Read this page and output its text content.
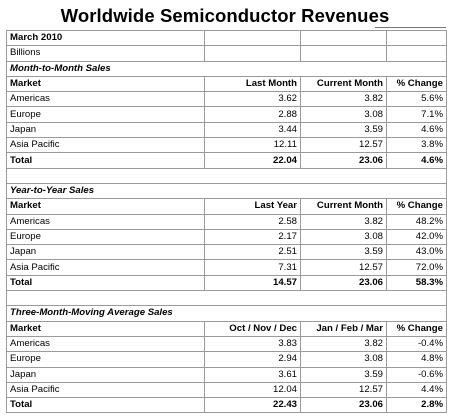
Worldwide Semiconductor Revenues
March 2010			
Billions			
Month-to-Month Sales			
Market	Last Month	Current Month	% Change
Americas	3.62	3.82	5.6%
Europe	2.88	3.08	7.1%
Japan	3.44	3.59	4.6%
Asia Pacific	12.11	12.57	3.8%
Total	22.04	23.06	4.6%

Year-to-Year Sales			
Market	Last Year	Current Month	% Change
Americas	2.58	3.82	48.2%
Europe	2.17	3.08	42.0%
Japan	2.51	3.59	43.0%
Asia Pacific	7.31	12.57	72.0%
Total	14.57	23.06	58.3%

Three-Month-Moving Average Sales			
Market	Oct / Nov / Dec	Jan / Feb / Mar	% Change
Americas	3.83	3.82	-0.4%
Europe	2.94	3.08	4.8%
Japan	3.61	3.59	-0.6%
Asia Pacific	12.04	12.57	4.4%
Total	22.43	23.06	2.8%
